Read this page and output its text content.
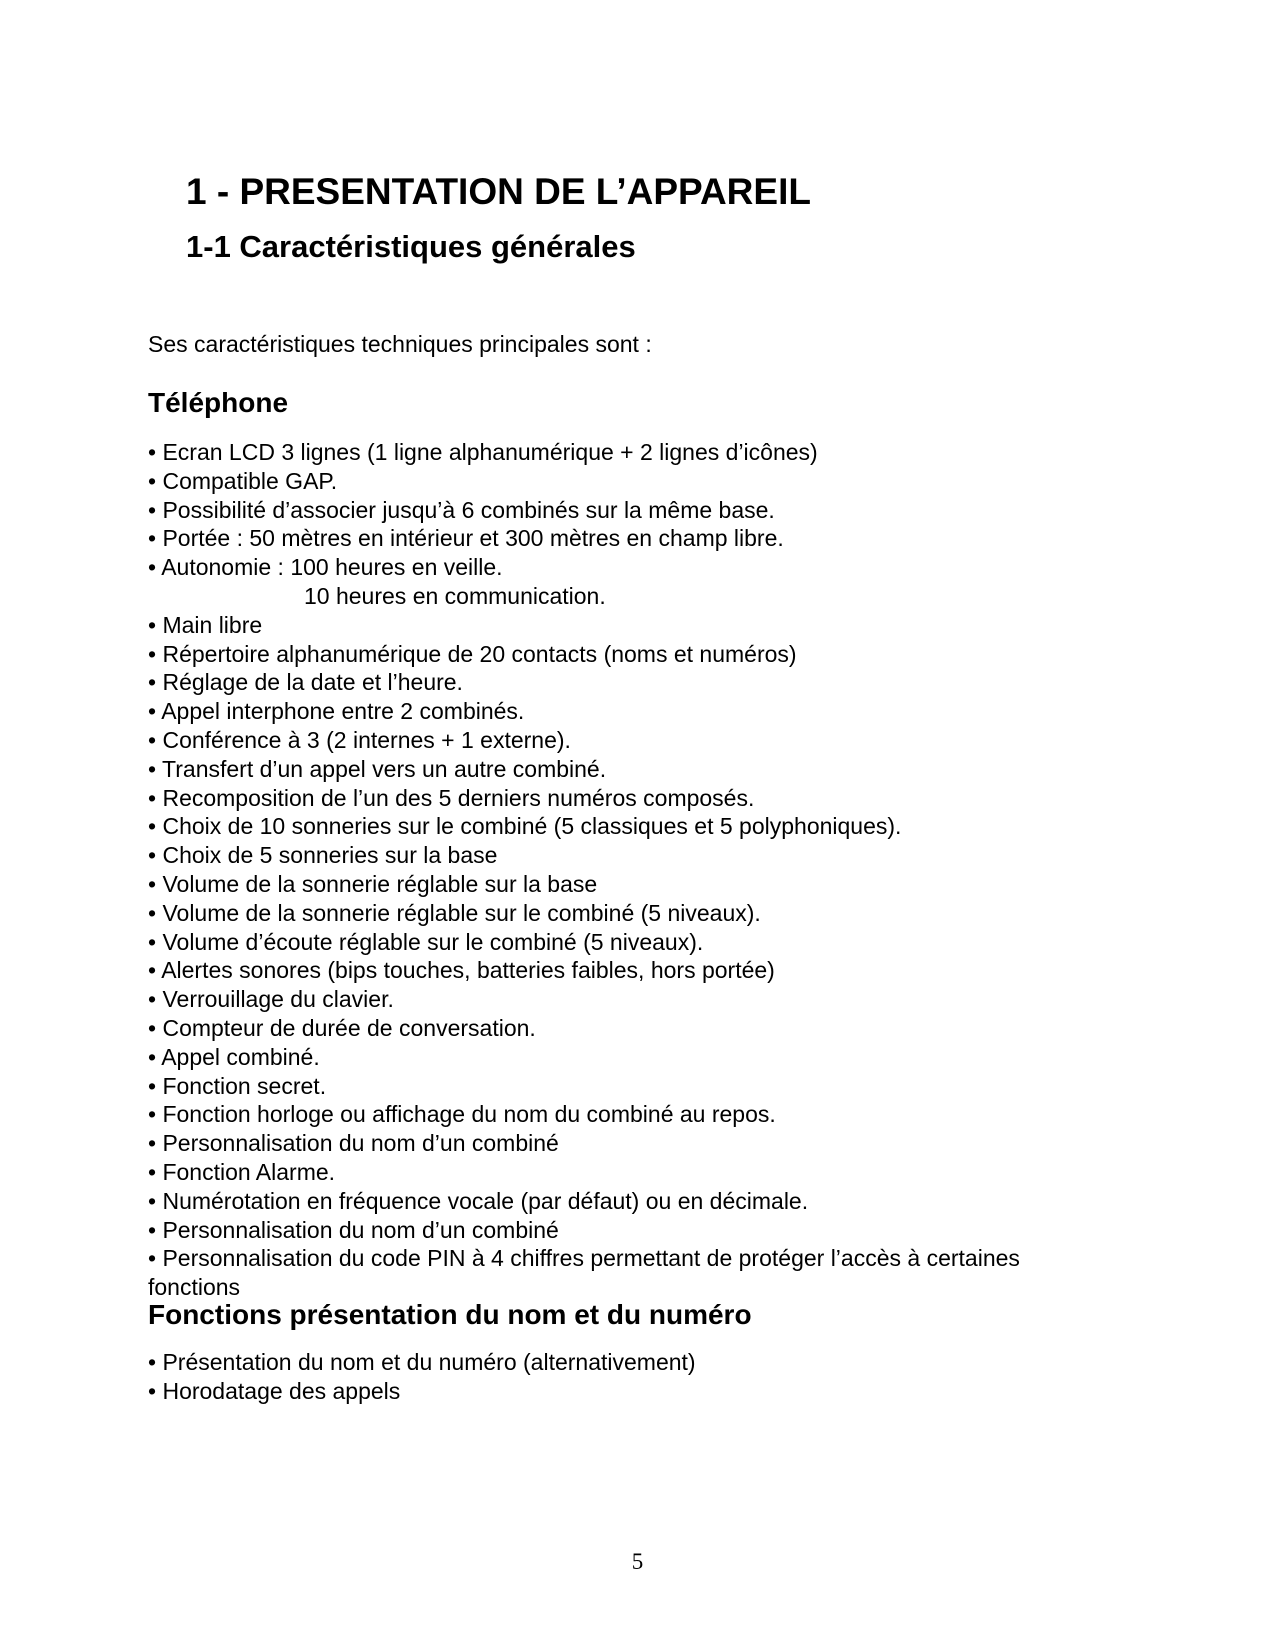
1 - PRESENTATION DE L’APPAREIL
1-1 Caractéristiques générales
Ses caractéristiques techniques principales sont :
Téléphone
• Ecran LCD 3 lignes (1 ligne alphanumérique + 2 lignes d’icônes)
• Compatible GAP.
• Possibilité d’associer jusqu’à 6 combinés sur la même base.
• Portée : 50 mètres en intérieur et 300 mètres en champ libre.
• Autonomie : 100 heures en veille.
10 heures en communication.
• Main libre
• Répertoire alphanumérique de 20 contacts (noms et numéros)
• Réglage de la date et l’heure.
• Appel interphone entre 2 combinés.
• Conférence à 3 (2 internes + 1 externe).
• Transfert d’un appel vers un autre combiné.
• Recomposition de l’un des 5 derniers numéros composés.
• Choix de 10 sonneries sur le combiné (5 classiques et 5 polyphoniques).
• Choix de 5 sonneries sur la base
• Volume de la sonnerie réglable sur la base
• Volume de la sonnerie réglable sur le combiné (5 niveaux).
• Volume d’écoute réglable sur le combiné (5 niveaux).
• Alertes sonores (bips touches, batteries faibles, hors portée)
• Verrouillage du clavier.
• Compteur de durée de conversation.
• Appel combiné.
• Fonction secret.
• Fonction horloge ou affichage du nom du combiné au repos.
• Personnalisation du nom d’un combiné
• Fonction Alarme.
• Numérotation en fréquence vocale (par défaut) ou en décimale.
• Personnalisation du nom d’un combiné
• Personnalisation du code PIN à 4 chiffres permettant de protéger l’accès à certaines fonctions
Fonctions présentation du nom et du numéro
• Présentation du nom et du numéro (alternativement)
• Horodatage des appels
5
